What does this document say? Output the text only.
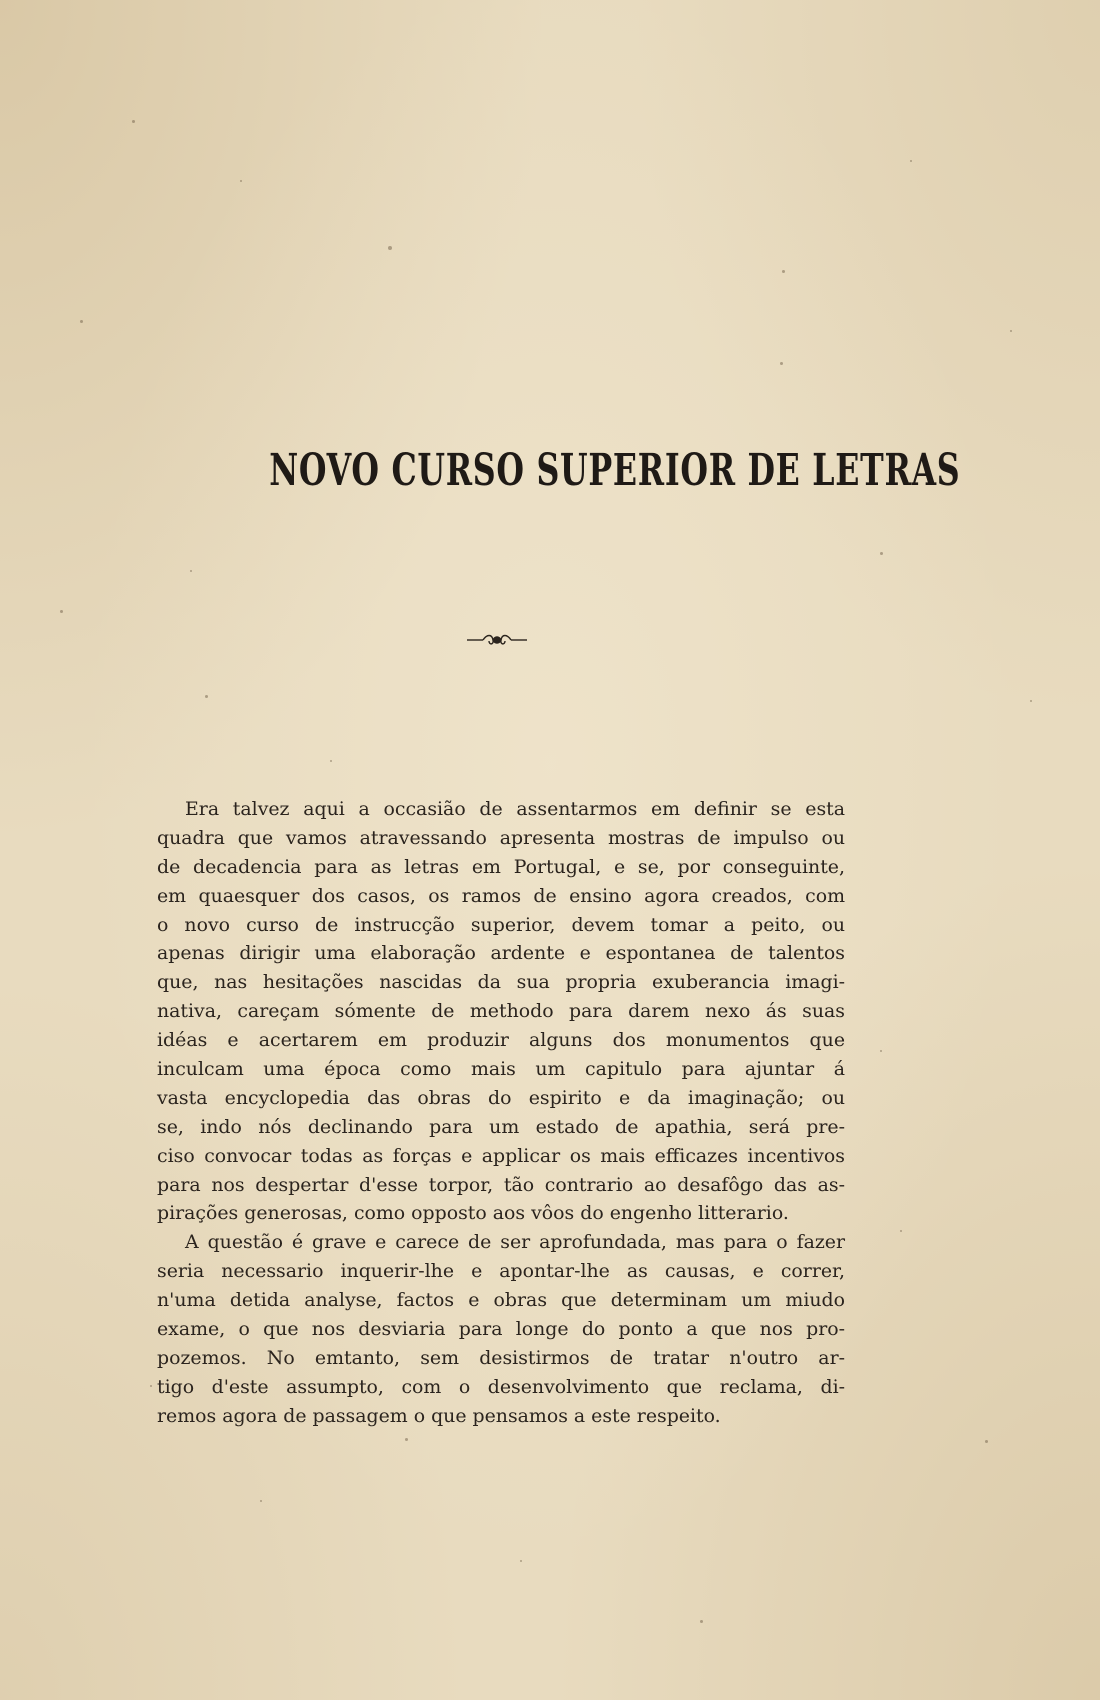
NOVO CURSO SUPERIOR DE LETRAS
Era talvez aqui a occasião de assentarmos em definir se esta
quadra que vamos atravessando apresenta mostras de impulso ou
de decadencia para as letras em Portugal, e se, por conseguinte,
em quaesquer dos casos, os ramos de ensino agora creados, com
o novo curso de instrucção superior, devem tomar a peito, ou
apenas dirigir uma elaboração ardente e espontanea de talentos
que, nas hesitações nascidas da sua propria exuberancia imagi-
nativa, careçam sómente de methodo para darem nexo ás suas
idéas e acertarem em produzir alguns dos monumentos que
inculcam uma época como mais um capitulo para ajuntar á
vasta encyclopedia das obras do espirito e da imaginação; ou
se, indo nós declinando para um estado de apathia, será pre-
ciso convocar todas as forças e applicar os mais efficazes incentivos
para nos despertar d'esse torpor, tão contrario ao desafôgo das as-
pirações generosas, como opposto aos vôos do engenho litterario.
A questão é grave e carece de ser aprofundada, mas para o fazer
seria necessario inquerir-lhe e apontar-lhe as causas, e correr,
n'uma detida analyse, factos e obras que determinam um miudo
exame, o que nos desviaria para longe do ponto a que nos pro-
pozemos. No emtanto, sem desistirmos de tratar n'outro ar-
tigo d'este assumpto, com o desenvolvimento que reclama, di-
remos agora de passagem o que pensamos a este respeito.
